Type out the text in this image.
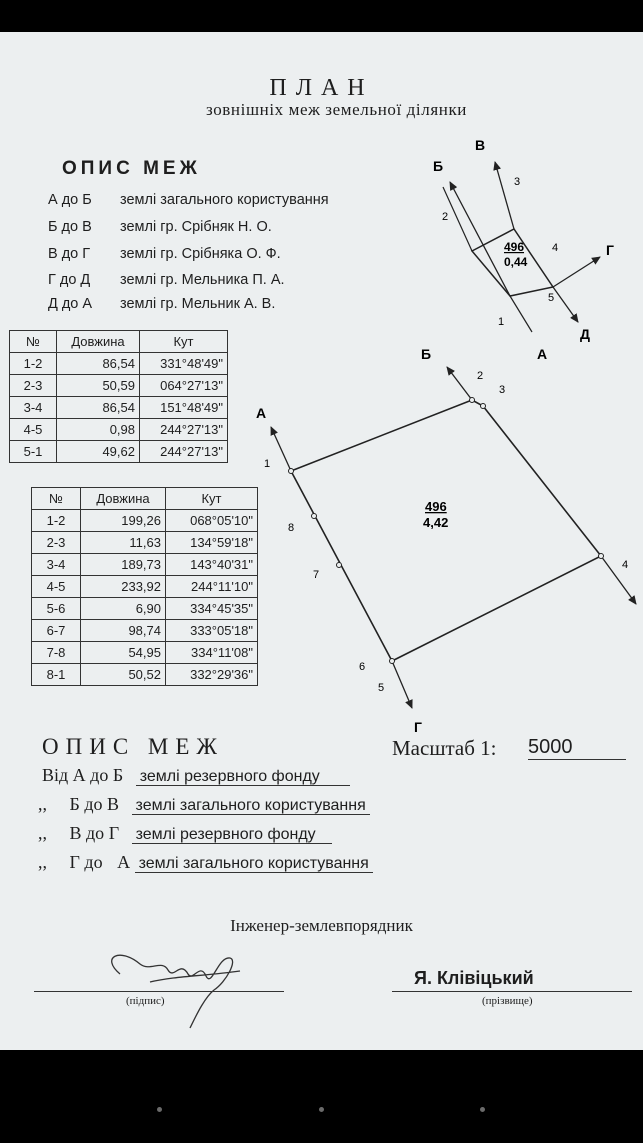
ПЛАН
зовнішніх меж земельної ділянки
ОПИС МЕЖ
А до Б землі загального користування
Б до В землі гр. Срібняк Н. О.
В до Г землі гр. Срібняка О. Ф.
Г до Д землі гр. Мельника П. А.
Д до А землі гр. Мельник А. В.
№	Довжина	Кут
1-2	86,54	331°48'49"
2-3	50,59	064°27'13"
3-4	86,54	151°48'49"
4-5	0,98	244°27'13"
5-1	49,62	244°27'13"
№	Довжина	Кут
1-2	199,26	068°05'10"
2-3	11,63	134°59'18"
3-4	189,73	143°40'31"
4-5	233,92	244°11'10"
5-6	6,90	334°45'35"
6-7	98,74	333°05'18"
7-8	54,95	334°11'08"
8-1	50,52	332°29'36"
496
0,44
В
Б
Г
Д
А
1
2
3
4
5
496
4,42
Б
А
Г
1
2
3
4
5
6
7
8
ОПИС МЕЖ	Масштаб 1: 5000
Від А до Б землі резервного фонду
,, Б до В землі загального користування
,, В до Г землі резервного фонду
,, Г до А землі загального користування
Інженер-землевпорядник
(підпис)
Я. Клівіцький
(прізвище)
